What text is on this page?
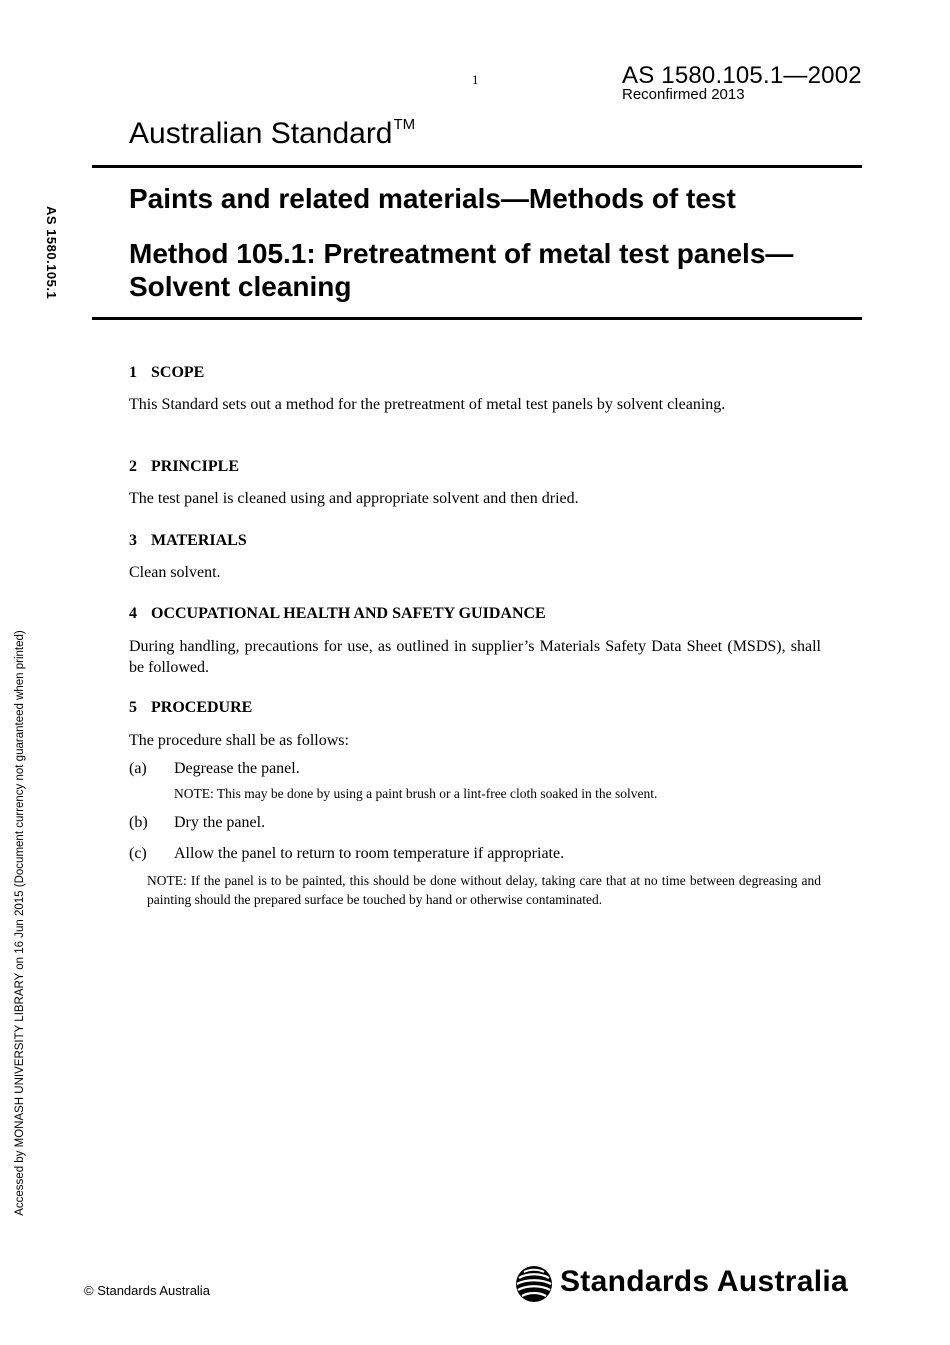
1	AS 1580.105.1—2002
Reconfirmed 2013
Australian Standard™
Paints and related materials—Methods of test
Method 105.1: Pretreatment of metal test panels—Solvent cleaning
AS 1580.105.1
Accessed by MONASH UNIVERSITY LIBRARY on 16 Jun 2015 (Document currency not guaranteed when printed)
1 SCOPE
This Standard sets out a method for the pretreatment of metal test panels by solvent cleaning.
2 PRINCIPLE
The test panel is cleaned using and appropriate solvent and then dried.
3 MATERIALS
Clean solvent.
4 OCCUPATIONAL HEALTH AND SAFETY GUIDANCE
During handling, precautions for use, as outlined in supplier’s Materials Safety Data Sheet (MSDS), shall be followed.
5 PROCEDURE
The procedure shall be as follows:
(a) Degrease the panel.
NOTE: This may be done by using a paint brush or a lint-free cloth soaked in the solvent.
(b) Dry the panel.
(c) Allow the panel to return to room temperature if appropriate.
NOTE: If the panel is to be painted, this should be done without delay, taking care that at no time between degreasing and painting should the prepared surface be touched by hand or otherwise contaminated.
© Standards Australia	Standards Australia
